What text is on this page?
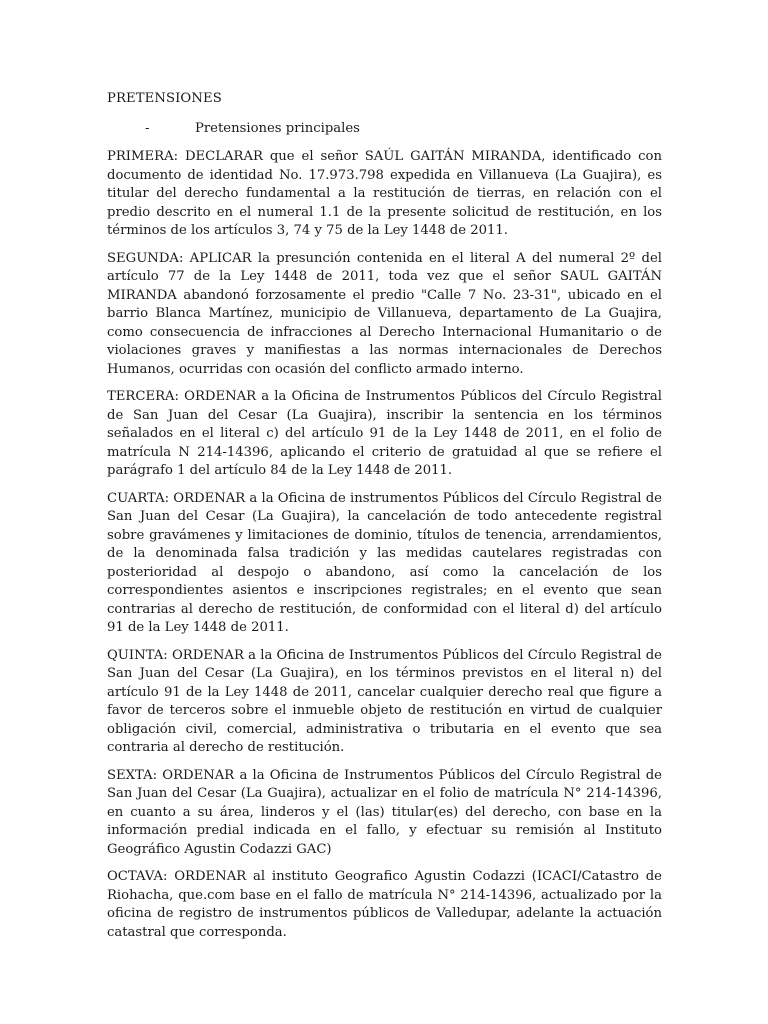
PRETENSIONES
-	Pretensiones principales

PRIMERA: DECLARAR que el señor SAÚL GAITÁN MIRANDA, identificado con documento de identidad No. 17.973.798 expedida en Villanueva (La Guajira), es titular del derecho fundamental a la restitución de tierras, en relación con el predio descrito en el numeral 1.1 de la presente solicitud de restitución, en los términos de los artículos 3, 74 y 75 de la Ley 1448 de 2011.

SEGUNDA: APLICAR la presunción contenida en el literal A del numeral 2º del artículo 77 de la Ley 1448 de 2011, toda vez que el señor SAUL GAITÁN MIRANDA abandonó forzosamente el predio "Calle 7 No. 23-31", ubicado en el barrio Blanca Martínez, municipio de Villanueva, departamento de La Guajira, como consecuencia de infracciones al Derecho Internacional Humanitario o de violaciones graves y manifiestas a las normas internacionales de Derechos Humanos, ocurridas con ocasión del conflicto armado interno.

TERCERA: ORDENAR a la Oficina de Instrumentos Públicos del Círculo Registral de San Juan del Cesar (La Guajira), inscribir la sentencia en los términos señalados en el literal c) del artículo 91 de la Ley 1448 de 2011, en el folio de matrícula N 214-14396, aplicando el criterio de gratuidad al que se refiere el parágrafo 1 del artículo 84 de la Ley 1448 de 2011.

CUARTA: ORDENAR a la Oficina de instrumentos Públicos del Círculo Registral de San Juan del Cesar (La Guajira), la cancelación de todo antecedente registral sobre gravámenes y limitaciones de dominio, títulos de tenencia, arrendamientos, de la denominada falsa tradición y las medidas cautelares registradas con posterioridad al despojo o abandono, así como la cancelación de los correspondientes asientos e inscripciones registrales; en el evento que sean contrarias al derecho de restitución, de conformidad con el literal d) del artículo 91 de la Ley 1448 de 2011.

QUINTA: ORDENAR a la Oficina de Instrumentos Públicos del Círculo Registral de San Juan del Cesar (La Guajira), en los términos previstos en el literal n) del artículo 91 de la Ley 1448 de 2011, cancelar cualquier derecho real que figure a favor de terceros sobre el inmueble objeto de restitución en virtud de cualquier obligación civil, comercial, administrativa o tributaria en el evento que sea contraria al derecho de restitución.

SEXTA: ORDENAR a la Oficina de Instrumentos Públicos del Círculo Registral de San Juan del Cesar (La Guajira), actualizar en el folio de matrícula N° 214-14396, en cuanto a su área, linderos y el (las) titular(es) del derecho, con base en la información predial indicada en el fallo, y efectuar su remisión al Instituto Geográfico Agustin Codazzi GAC)

OCTAVA: ORDENAR al instituto Geografico Agustin Codazzi (ICACI/Catastro de Riohacha, que.com base en el fallo de matrícula N° 214-14396, actualizado por la oficina de registro de instrumentos públicos de Valledupar, adelante la actuación catastral que corresponda.
